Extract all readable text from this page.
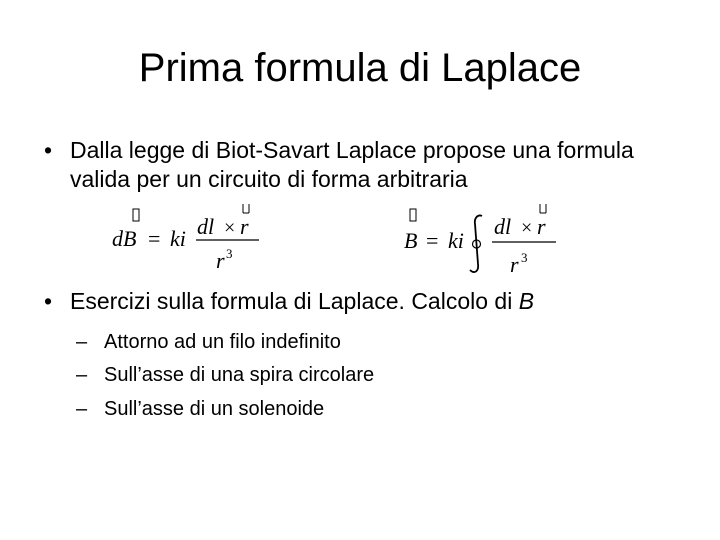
Prima formula di Laplace
• Dalla legge di Biot-Savart Laplace propose una formula valida per un circuito di forma arbitraria
dB = ki dl × r
r 3
B = ki
dl × r
r 3
• Esercizi sulla formula di Laplace. Calcolo di B
– Attorno ad un filo indefinito
– Sull’asse di una spira circolare
– Sull’asse di un solenoide
